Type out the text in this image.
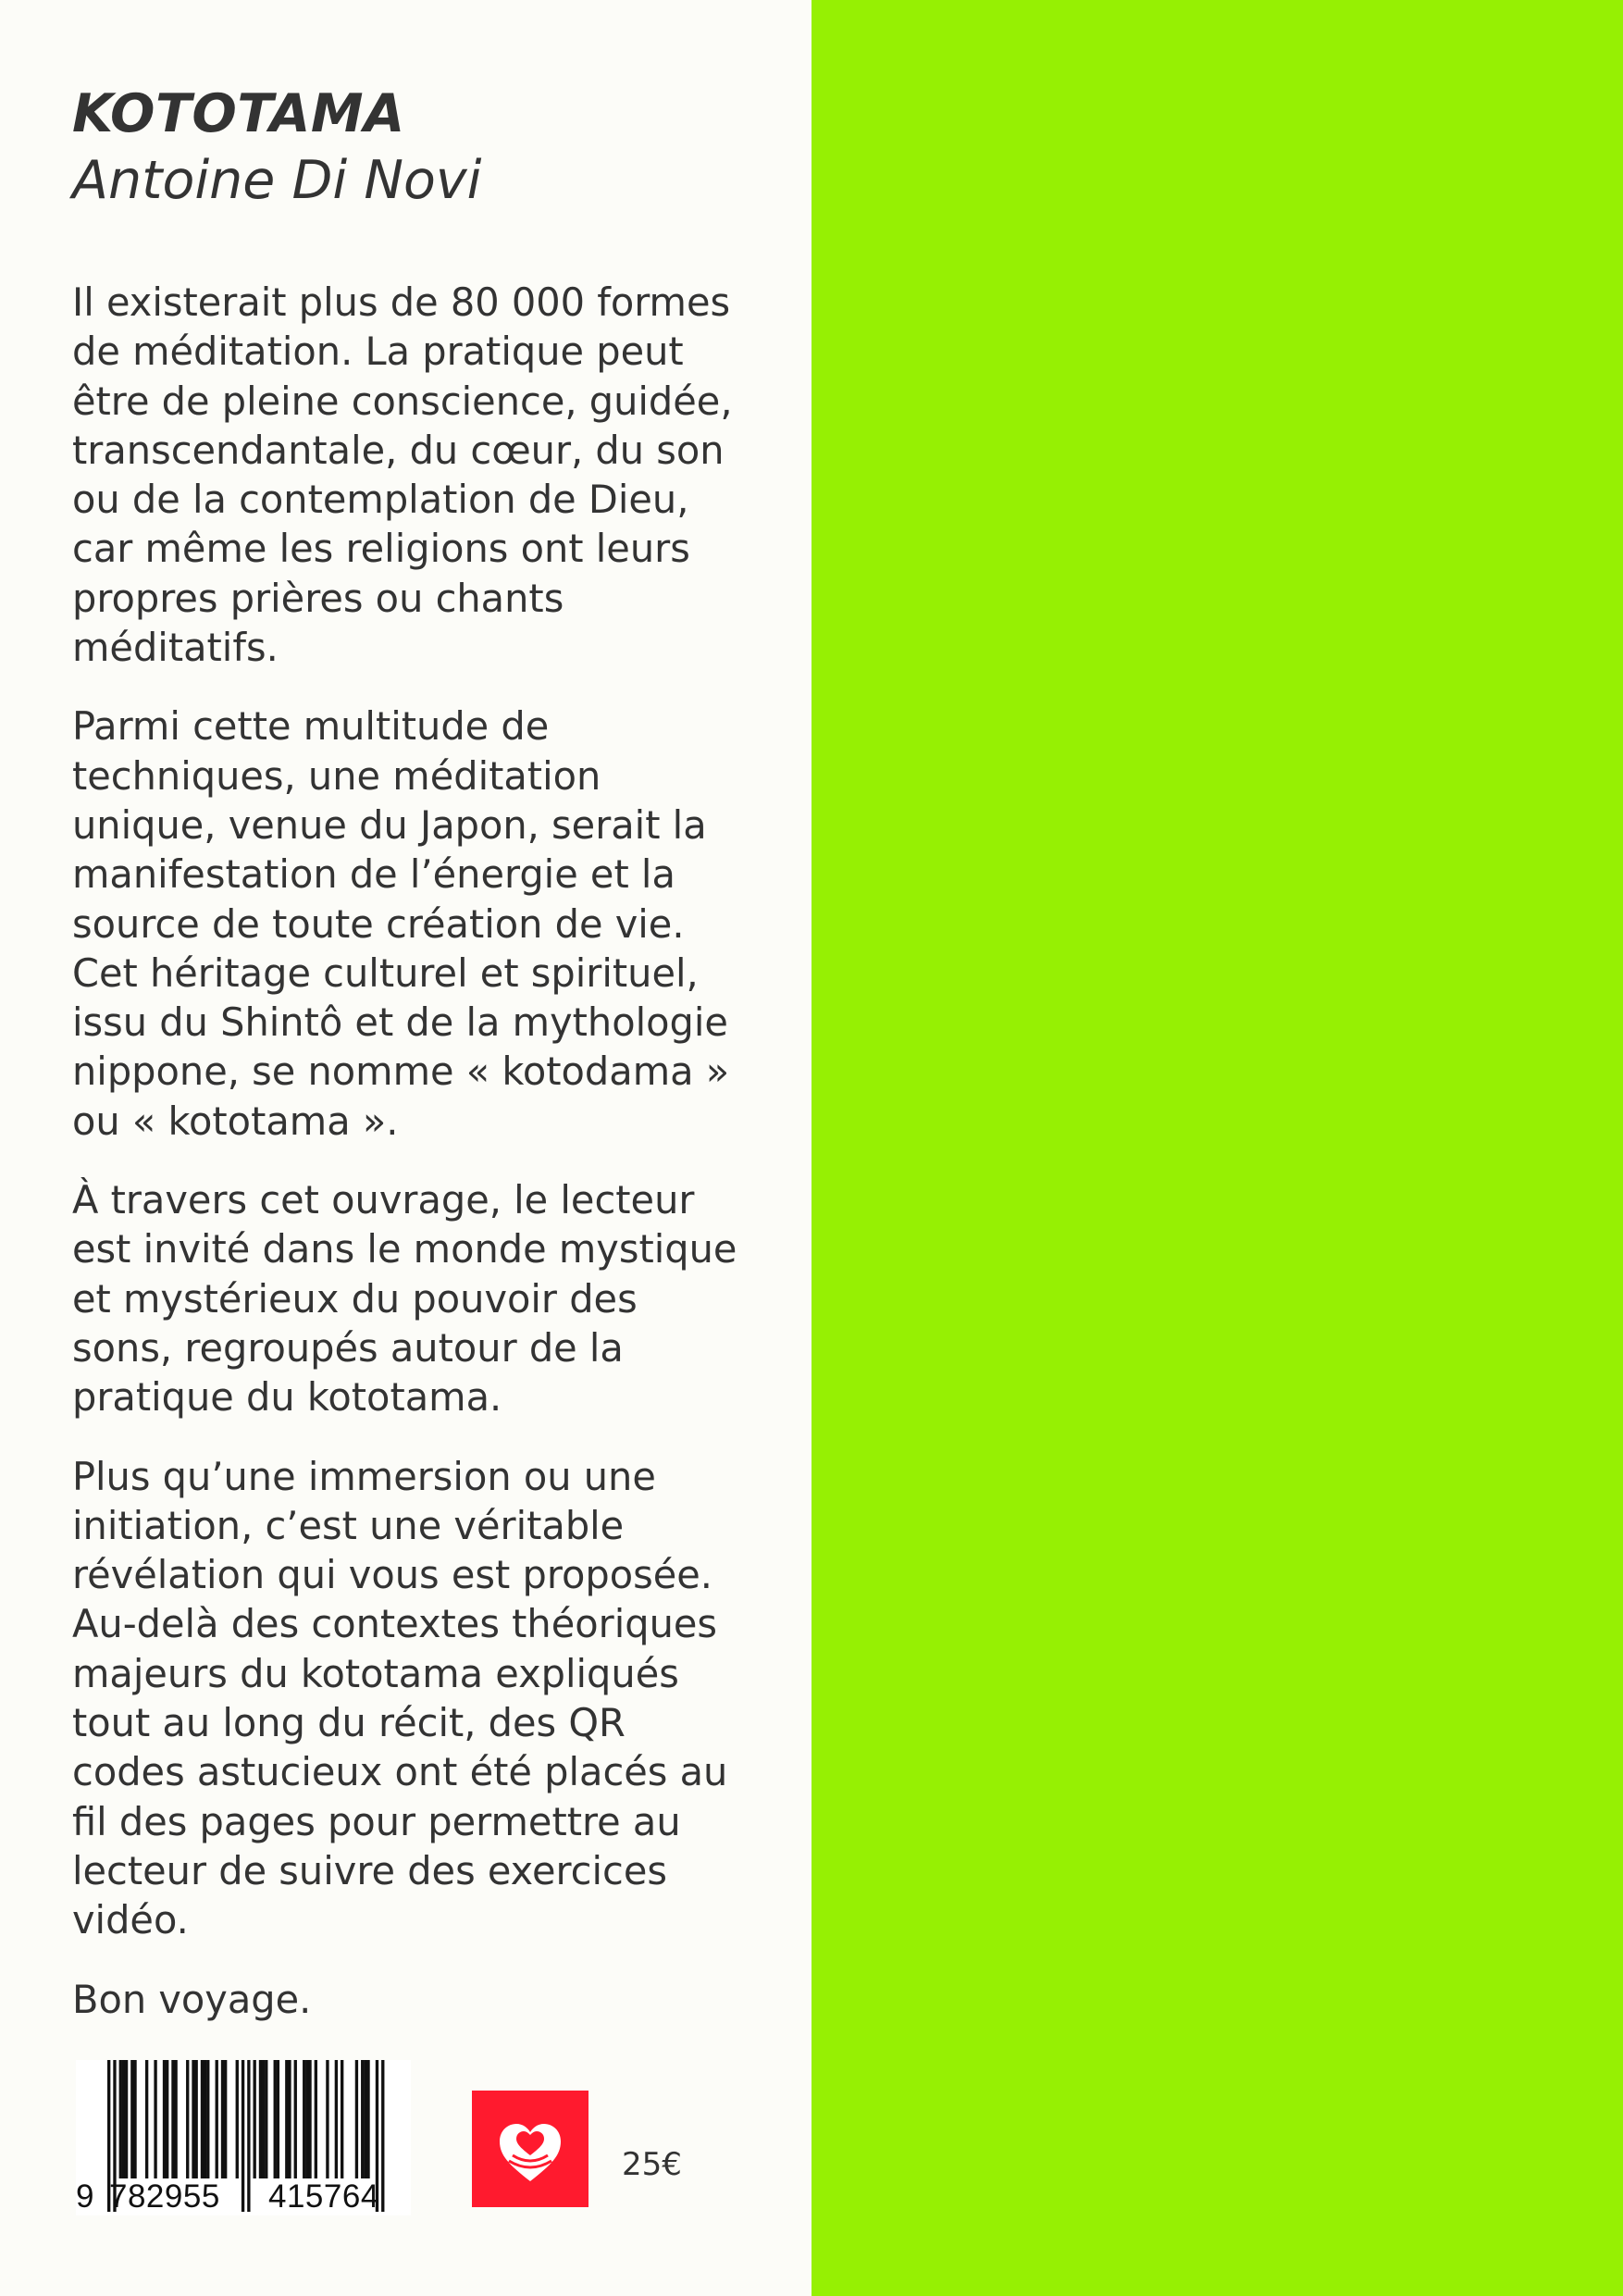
KOTOTAMA
Antoine Di Novi

Il existerait plus de 80 000 formes
de méditation. La pratique peut
être de pleine conscience, guidée,
transcendantale, du cœur, du son
ou de la contemplation de Dieu,
car même les religions ont leurs
propres prières ou chants
méditatifs.

Parmi cette multitude de
techniques, une méditation
unique, venue du Japon, serait la
manifestation de l’énergie et la
source de toute création de vie.
Cet héritage culturel et spirituel,
issu du Shintô et de la mythologie
nippone, se nomme « kotodama »
ou « kototama ».

À travers cet ouvrage, le lecteur
est invité dans le monde mystique
et mystérieux du pouvoir des
sons, regroupés autour de la
pratique du kototama.

Plus qu’une immersion ou une
initiation, c’est une véritable
révélation qui vous est proposée.
Au-delà des contextes théoriques
majeurs du kototama expliqués
tout au long du récit, des QR
codes astucieux ont été placés au
fil des pages pour permettre au
lecteur de suivre des exercices
vidéo.

Bon voyage.

9 782955 415764
25€
